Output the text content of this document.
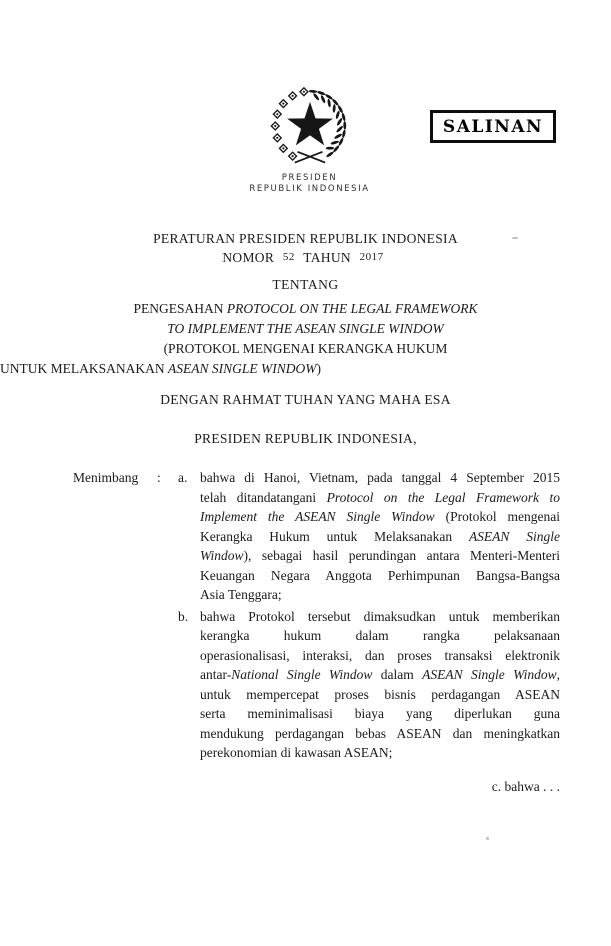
SALINAN
PRESIDEN
REPUBLIK INDONESIA
PERATURAN PRESIDEN REPUBLIK INDONESIA
NOMOR 52 TAHUN 2017
TENTANG
PENGESAHAN PROTOCOL ON THE LEGAL FRAMEWORK
TO IMPLEMENT THE ASEAN SINGLE WINDOW
(PROTOKOL MENGENAI KERANGKA HUKUM
UNTUK MELAKSANAKAN ASEAN SINGLE WINDOW)
DENGAN RAHMAT TUHAN YANG MAHA ESA
PRESIDEN REPUBLIK INDONESIA,
Menimbang	:	a. bahwa di Hanoi, Vietnam, pada tanggal 4 September 2015
telah ditandatangani Protocol on the Legal Framework to
Implement the ASEAN Single Window (Protokol mengenai
Kerangka Hukum untuk Melaksanakan ASEAN Single
Window), sebagai hasil perundingan antara Menteri-Menteri
Keuangan Negara Anggota Perhimpunan Bangsa-Bangsa
Asia Tenggara;
b. bahwa Protokol tersebut dimaksudkan untuk memberikan
kerangka hukum dalam rangka pelaksanaan
operasionalisasi, interaksi, dan proses transaksi elektronik
antar-National Single Window dalam ASEAN Single Window,
untuk mempercepat proses bisnis perdagangan ASEAN
serta meminimalisasi biaya yang diperlukan guna
mendukung perdagangan bebas ASEAN dan meningkatkan
perekonomian di kawasan ASEAN;
c. bahwa . . .
